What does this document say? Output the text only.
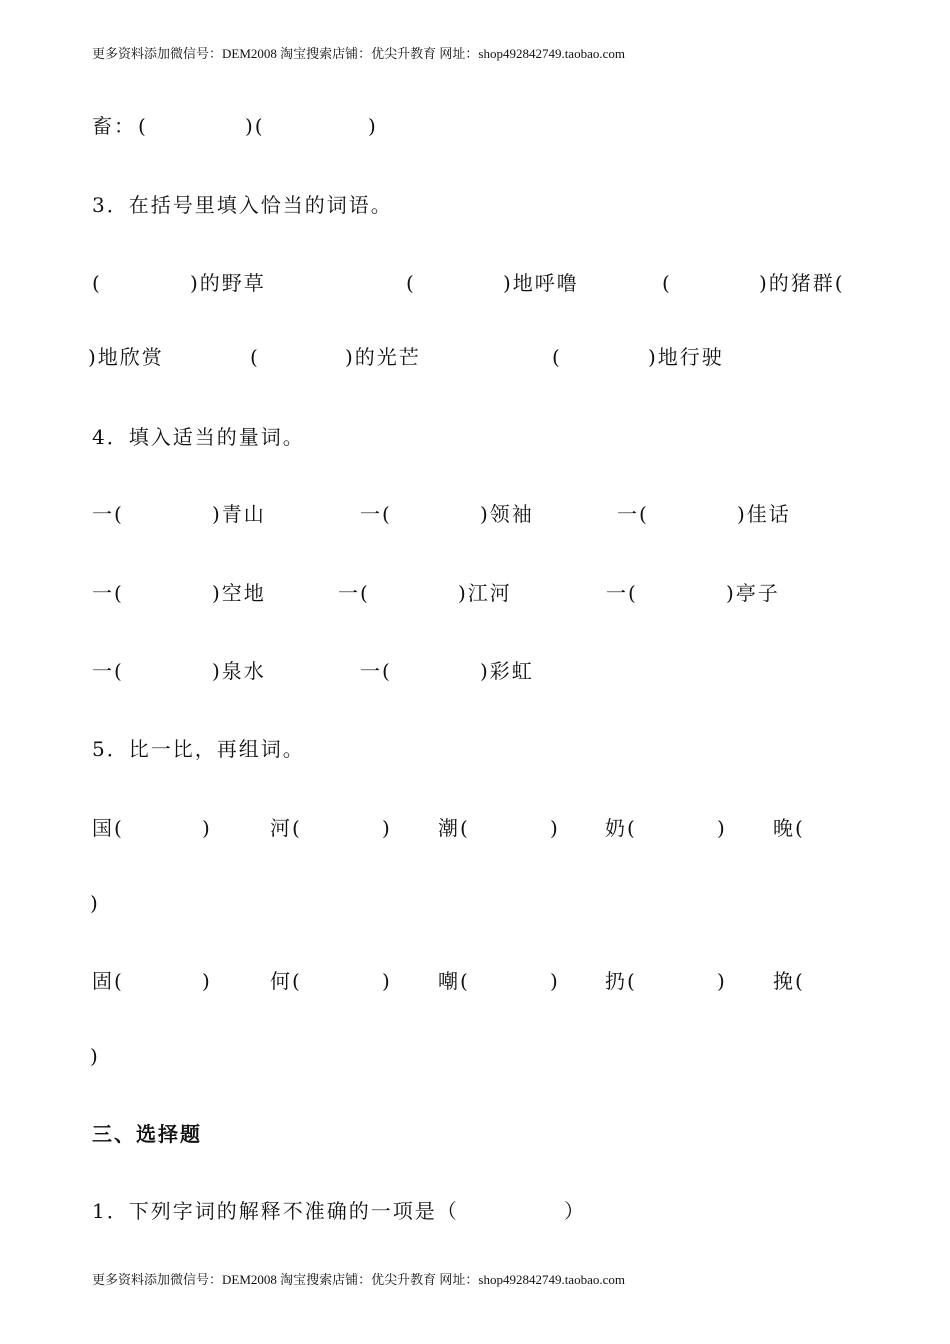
更多资料添加微信号：DEM2008 淘宝搜索店铺：优尖升教育 网址：shop492842749.taobao.com
畜： (	)(	)
3．在括号里填入恰当的词语。
(	)的野草	(	)地呼噜	(	)的猪群(
)地欣赏	(	)的光芒	(	)地行驶
4．填入适当的量词。
一(	)青山	一(	)领袖	一(	)佳话
一(	)空地	一(	)江河	一(	)亭子
一(	)泉水	一(	)彩虹
5．比一比，再组词。
国(	)	河(	) 潮(	) 奶(	) 晚(
)
固(	)	何(	) 嘲(	) 扔(	) 挽(
)
三、选择题
1．下列字词的解释不准确的一项是（	）
更多资料添加微信号：DEM2008 淘宝搜索店铺：优尖升教育 网址：shop492842749.taobao.com
